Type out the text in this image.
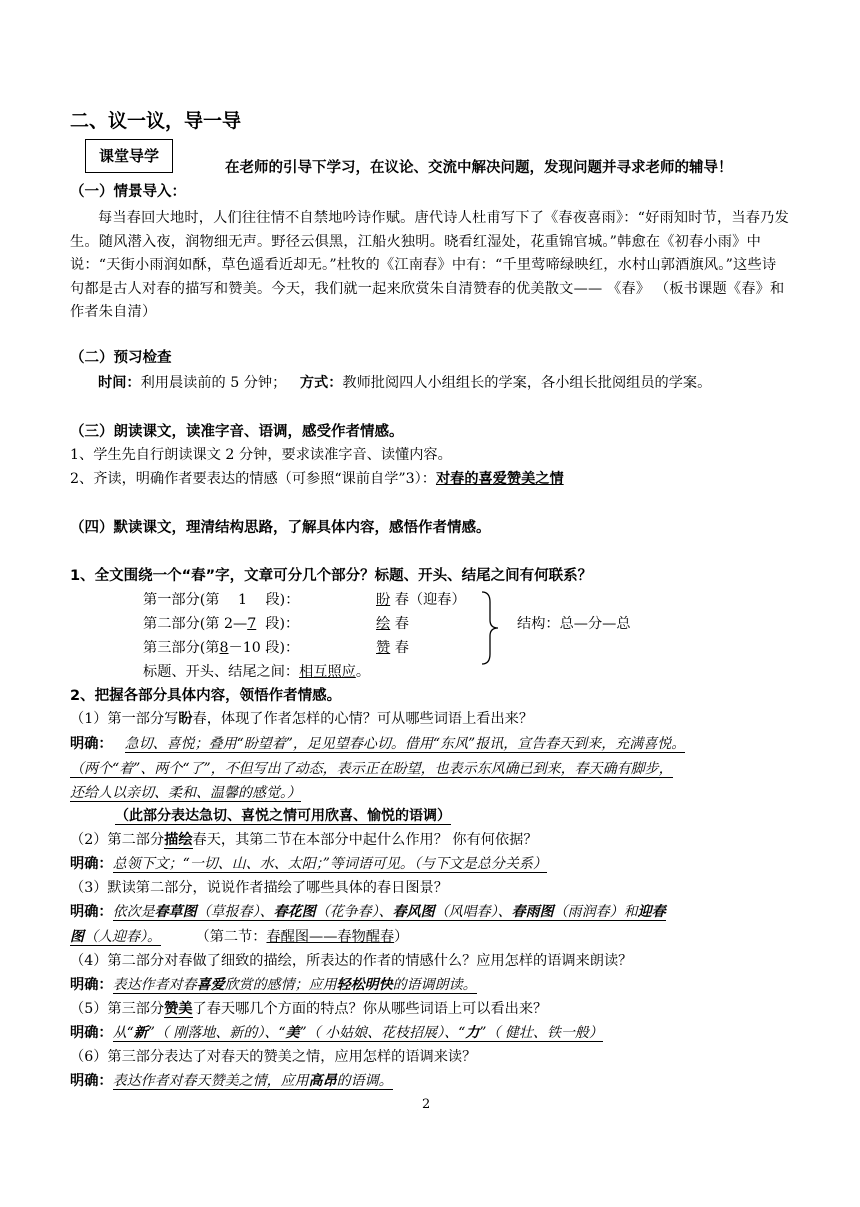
二、议一议，导一导
课堂导学
在老师的引导下学习，在议论、交流中解决问题，发现问题并寻求老师的辅导！
（一）情景导入：
每当春回大地时，人们往往情不自禁地吟诗作赋。唐代诗人杜甫写下了《春夜喜雨》：“好雨知时节，当春乃发生。随风潜入夜，润物细无声。野径云俱黑，江船火独明。晓看红湿处，花重锦官城。”韩愈在《初春小雨》中说：“天街小雨润如酥，草色遥看近却无。”杜牧的《江南春》中有：“千里莺啼绿映红，水村山郭酒旗风。”这些诗句都是古人对春的描写和赞美。今天，我们就一起来欣赏朱自清赞春的优美散文—— 《春》 （板书课题《春》和作者朱自清）
（二）预习检查
时间：利用晨读前的 5 分钟； 方式：教师批阅四人小组组长的学案，各小组长批阅组员的学案。
（三）朗读课文，读准字音、语调，感受作者情感。
1、学生先自行朗读课文 2 分钟，要求读准字音、读懂内容。
2、齐读，明确作者要表达的情感（可参照“课前自学”3）：对春的喜爱赞美之情
（四）默读课文，理清结构思路，了解具体内容，感悟作者情感。
1、全文围绕一个“春”字，文章可分几个部分？标题、开头、结尾之间有何联系？
第一部分(第 1 段)：	盼 春（迎春）
第二部分(第 2—7 段)：	绘 春
第三部分(第8－10 段)：	赞 春
结构：总—分—总
标题、开头、结尾之间：相互照应。
2、把握各部分具体内容，领悟作者情感。
（1）第一部分写盼春，体现了作者怎样的心情？可从哪些词语上看出来？
明确： 急切、喜悦；叠用“盼望着”，足见望春心切。借用“东风”报讯，宣告春天到来，充满喜悦。
（两个“着”、两个“了”，不但写出了动态，表示正在盼望，也表示东风确已到来，春天确有脚步，
还给人以亲切、柔和、温馨的感觉。）
（此部分表达急切、喜悦之情可用欣喜、愉悦的语调）
（2）第二部分描绘春天，其第二节在本部分中起什么作用？ 你有何依据？
明确：总领下文；“一切、山、水、太阳；”等词语可见。（与下文是总分关系）
（3）默读第二部分，说说作者描绘了哪些具体的春日图景？
明确：依次是春草图（草报春）、春花图（花争春）、春风图（风唱春）、春雨图（雨润春）和迎春
图（人迎春）。 （第二节：春醒图——春物醒春）
（4）第二部分对春做了细致的描绘，所表达的作者的情感什么？应用怎样的语调来朗读？
明确：表达作者对春喜爱欣赏的感情；应用轻松明快的语调朗读。
（5）第三部分赞美了春天哪几个方面的特点？你从哪些词语上可以看出来？
明确：从“新”（ 刚落地、新的）、“美”（ 小姑娘、花枝招展）、“力”（ 健壮、铁一般）
（6）第三部分表达了对春天的赞美之情，应用怎样的语调来读？
明确：表达作者对春天赞美之情，应用高昂的语调。
2
